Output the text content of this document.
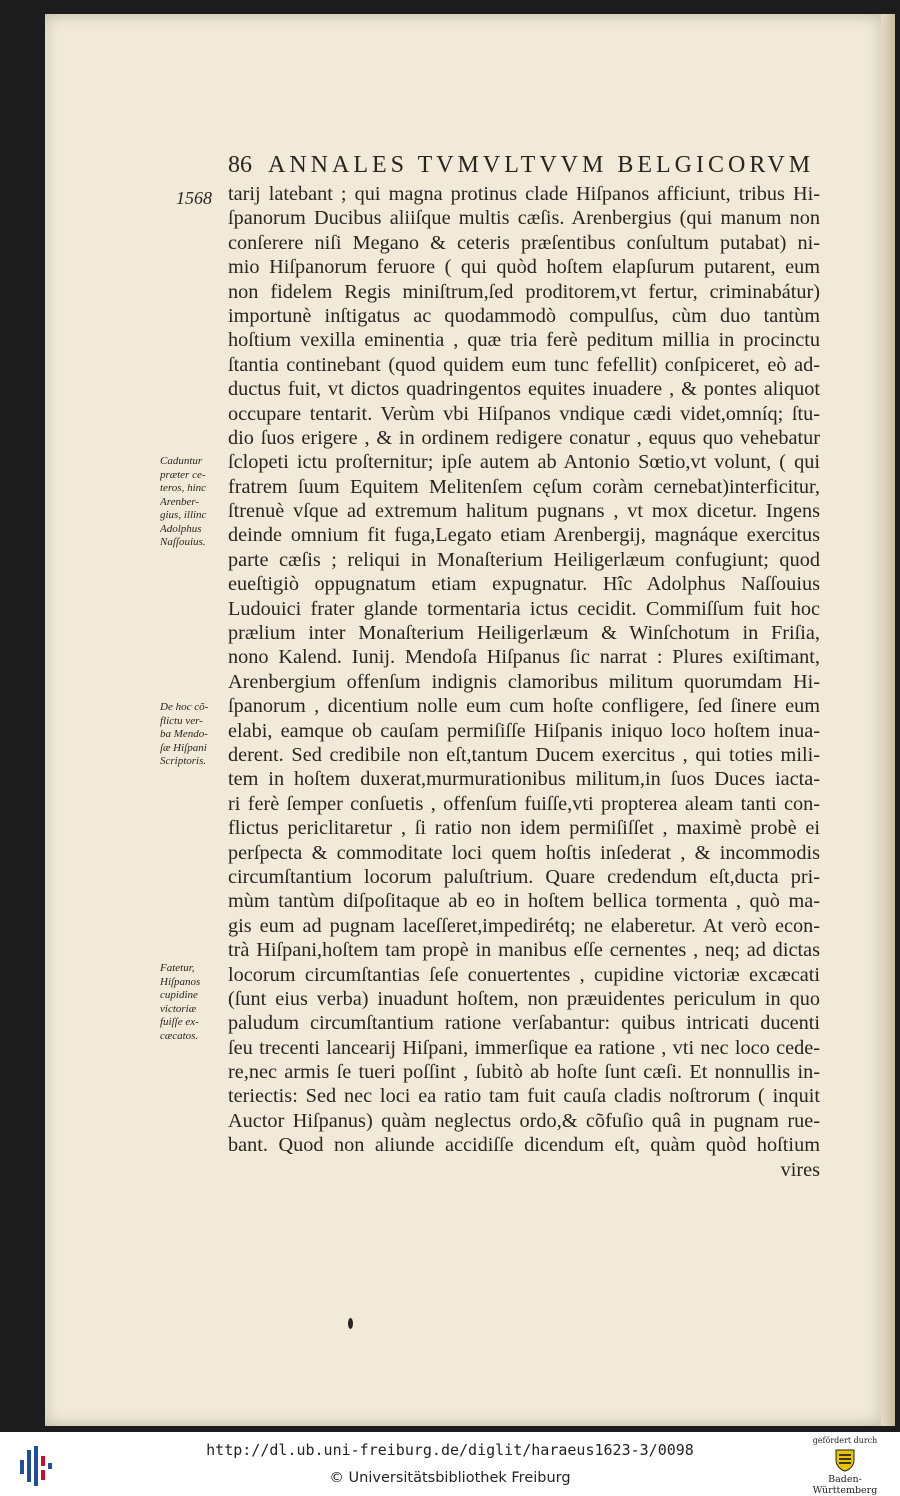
86 ANNALES TVMVLTVVM BELGICORVM
1568 tarij latebant ; qui magna protinus clade Hiſpanos afficiunt, tribus Hi-
ſpanorum Ducibus aliiſque multis cæſis. Arenbergius (qui manum non
conſerere niſi Megano & ceteris præſentibus conſultum putabat) ni-
mio Hiſpanorum feruore ( qui quòd hoſtem elapſurum putarent, eum
non fidelem Regis miniſtrum,ſed proditorem,vt fertur, criminabátur)
importunè inſtigatus ac quodammodò compulſus, cùm duo tantùm
hoſtium vexilla eminentia , quæ tria ferè peditum millia in procinctu
ſtantia continebant (quod quidem eum tunc fefellit) conſpiceret, eò ad-
ductus fuit, vt dictos quadringentos equites inuadere , & pontes aliquot
occupare tentarit. Verùm vbi Hiſpanos vndique cædi videt,omníq; ſtu-
dio ſuos erigere , & in ordinem redigere conatur , equus quo vehebatur
ſclopeti ictu proſternitur; ipſe autem ab Antonio Sœtio,vt volunt, ( qui
fratrem ſuum Equitem Melitenſem cęſum coràm cernebat)interficitur,
ſtrenuè vſque ad extremum halitum pugnans , vt mox dicetur. Ingens
deinde omnium fit fuga,Legato etiam Arenbergij, magnáque exercitus
parte cæſis ; reliqui in Monaſterium Heiligerlæum confugiunt; quod
eueſtigiò oppugnatum etiam expugnatur. Hîc Adolphus Naſſouius
Ludouici frater glande tormentaria ictus cecidit. Commiſſum fuit hoc
prælium inter Monaſterium Heiligerlæum & Winſchotum in Friſia,
nono Kalend. Iunij. Mendoſa Hiſpanus ſic narrat : Plures exiſtimant,
Arenbergium offenſum indignis clamoribus militum quorumdam Hi-
ſpanorum , dicentium nolle eum cum hoſte confligere, ſed ſinere eum
elabi, eamque ob cauſam permiſiſſe Hiſpanis iniquo loco hoſtem inua-
derent. Sed credibile non eſt,tantum Ducem exercitus , qui toties mili-
tem in hoſtem duxerat,murmurationibus militum,in ſuos Duces iacta-
ri ferè ſemper conſuetis , offenſum fuiſſe,vti propterea aleam tanti con-
flictus periclitaretur , ſi ratio non idem permiſiſſet , maximè probè ei
perſpecta & commoditate loci quem hoſtis inſederat , & incommodis
circumſtantium locorum paluſtrium. Quare credendum eſt,ducta pri-
mùm tantùm diſpoſitaque ab eo in hoſtem bellica tormenta , quò ma-
gis eum ad pugnam laceſſeret,impedirétq; ne elaberetur. At verò econ-
trà Hiſpani,hoſtem tam propè in manibus eſſe cernentes , neq; ad dictas
locorum circumſtantias ſeſe conuertentes , cupidine victoriæ excæcati
(ſunt eius verba) inuadunt hoſtem, non præuidentes periculum in quo
paludum circumſtantium ratione verſabantur: quibus intricati ducenti
ſeu trecenti lancearij Hiſpani, immerſique ea ratione , vti nec loco cede-
re,nec armis ſe tueri poſſint , ſubitò ab hoſte ſunt cæſi. Et nonnullis in-
teriectis: Sed nec loci ea ratio tam fuit cauſa cladis noſtrorum ( inquit
Auctor Hiſpanus) quàm neglectus ordo,& cõfuſio quâ in pugnam rue-
bant. Quod non aliunde accidiſſe dicendum eſt, quàm quòd hoſtium
vires
Caduntur
præter ce-
teros, hinc
Arenber-
gius, illinc
Adolphus
Naſſouius.
De hoc cõ-
flictu ver-
ba Mendo-
ſæ Hiſpani
Scriptoris.
Fatetur,
Hiſpanos
cupidine
victoriæ
fuiſſe ex-
cæcatos.
http://dl.ub.uni-freiburg.de/diglit/haraeus1623-3/0098
© Universitätsbibliothek Freiburg
gefördert durch
Baden-Württemberg
